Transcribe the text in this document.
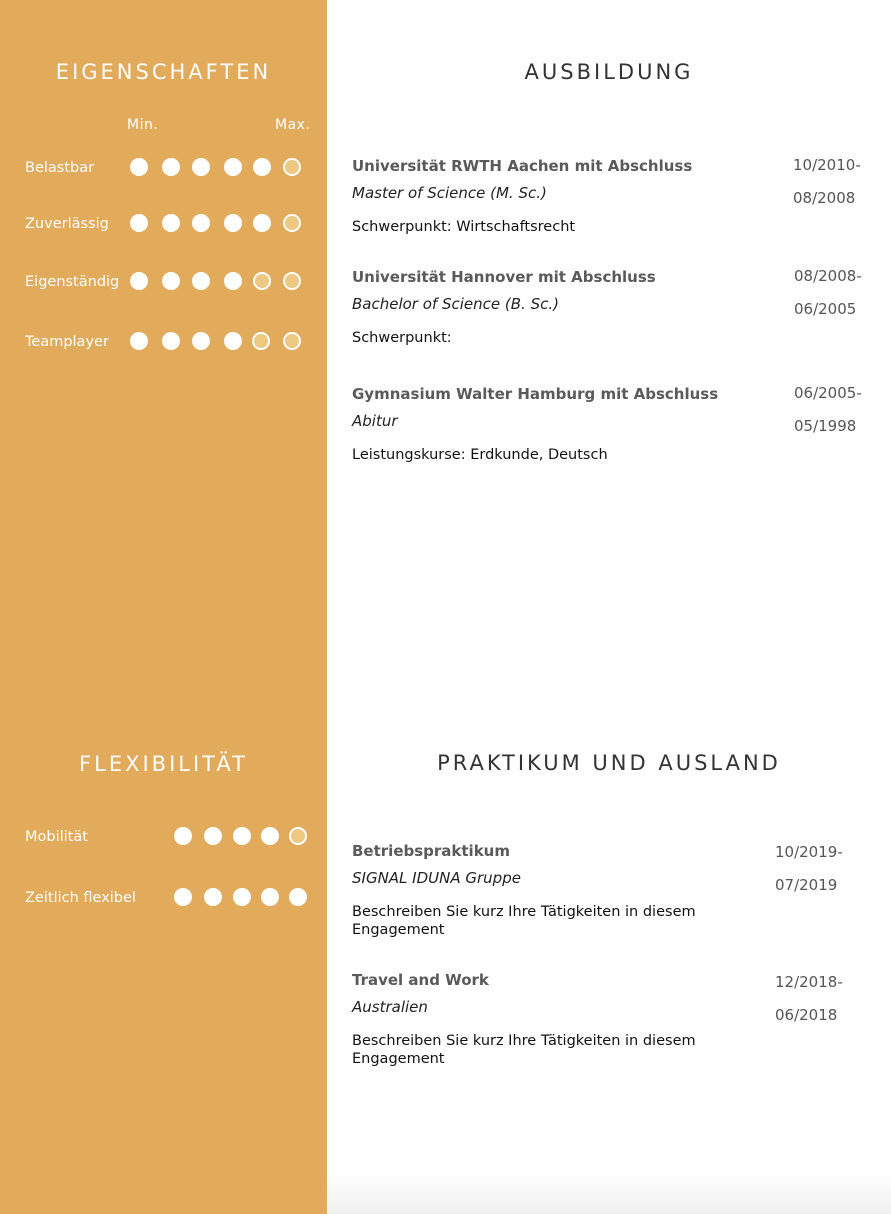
EIGENSCHAFTEN
Min.	Max.
Belastbar
Zuverlässig
Eigenständig
Teamplayer
FLEXIBILITÄT
Mobilität
Zeitlich flexibel
AUSBILDUNG
Universität RWTH Aachen mit Abschluss
Master of Science (M. Sc.)
Schwerpunkt: Wirtschaftsrecht
10/2010-
08/2008
Universität Hannover mit Abschluss
Bachelor of Science (B. Sc.)
Schwerpunkt:
08/2008-
06/2005
Gymnasium Walter Hamburg mit Abschluss
Abitur
Leistungskurse: Erdkunde, Deutsch
06/2005-
05/1998
PRAKTIKUM UND AUSLAND
Betriebspraktikum
SIGNAL IDUNA Gruppe
Beschreiben Sie kurz Ihre Tätigkeiten in diesem Engagement
10/2019-
07/2019
Travel and Work
Australien
Beschreiben Sie kurz Ihre Tätigkeiten in diesem Engagement
12/2018-
06/2018
